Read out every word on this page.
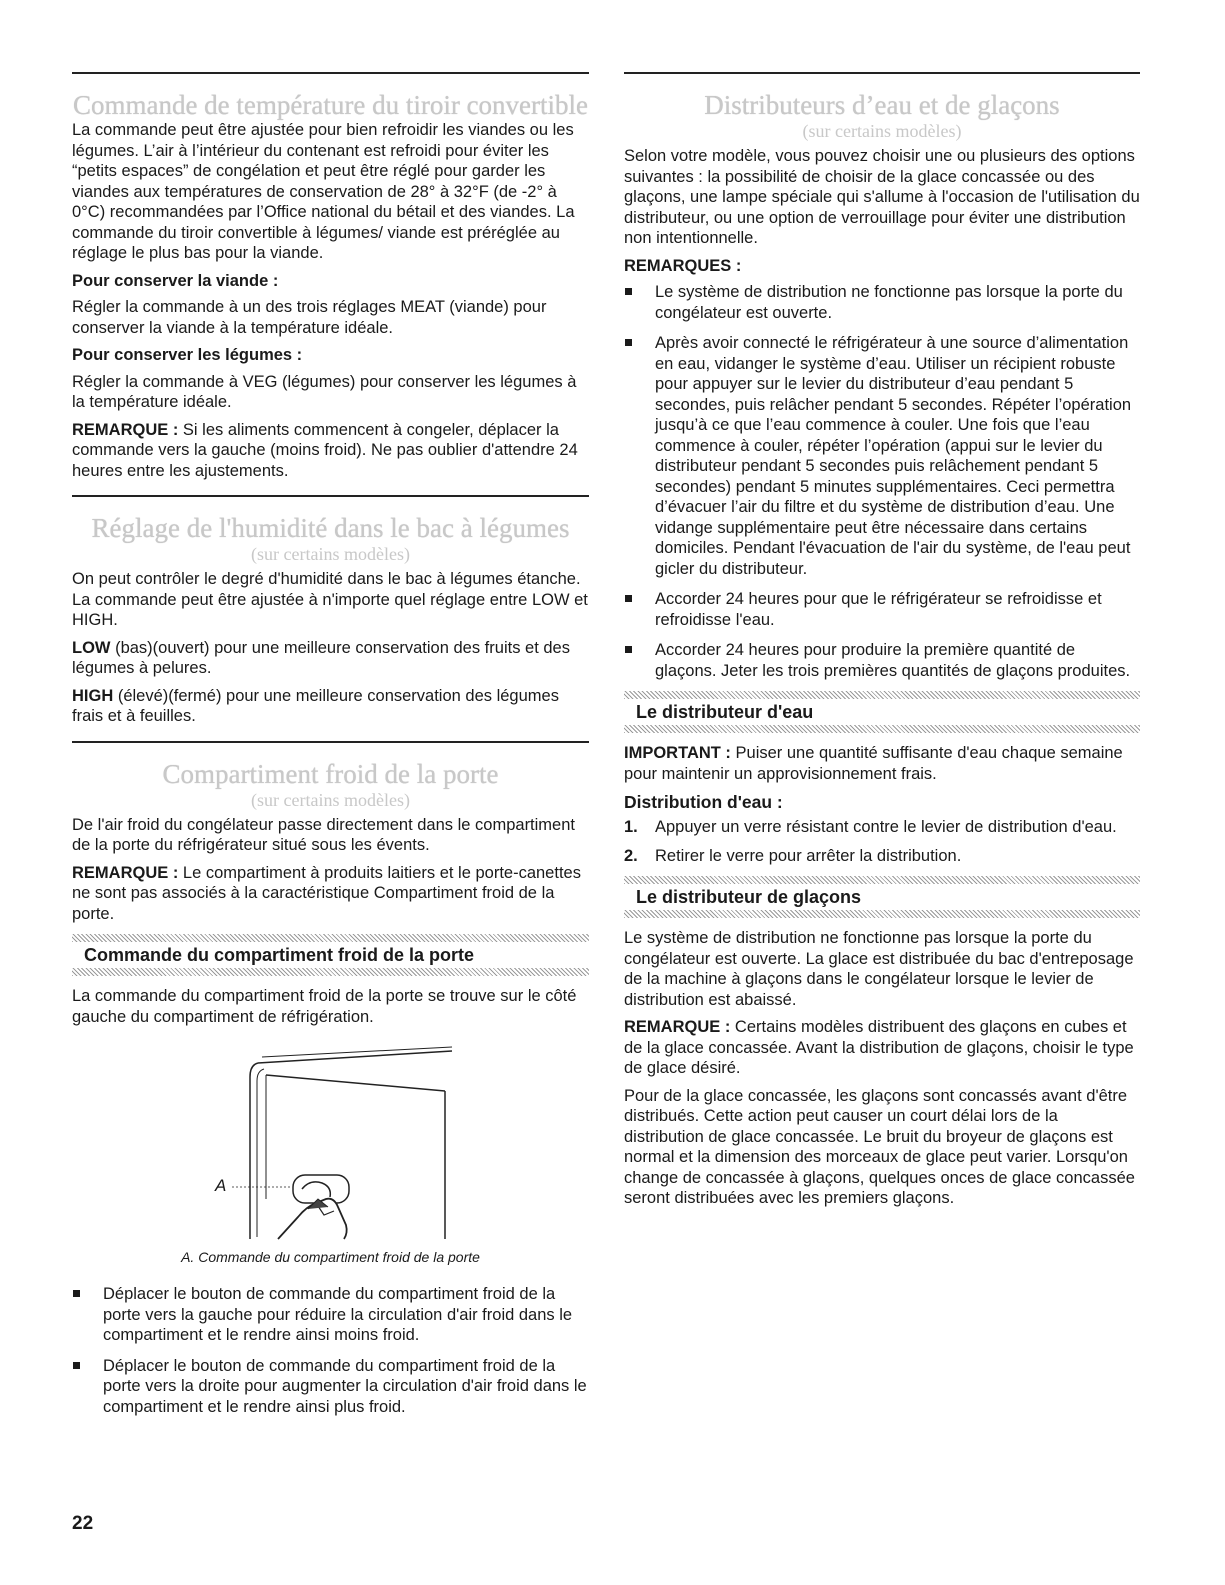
Commande de température du tiroir convertible

La commande peut être ajustée pour bien refroidir les viandes ou les légumes. L’air à l’intérieur du contenant est refroidi pour éviter les “petits espaces” de congélation et peut être réglé pour garder les viandes aux températures de conservation de 28° à 32°F (de -2° à 0°C) recommandées par l’Office national du bétail et des viandes. La commande du tiroir convertible à légumes/ viande est préréglée au réglage le plus bas pour la viande.

Pour conserver la viande :

Régler la commande à un des trois réglages MEAT (viande) pour conserver la viande à la température idéale.

Pour conserver les légumes :

Régler la commande à VEG (légumes) pour conserver les légumes à la température idéale.

REMARQUE : Si les aliments commencent à congeler, déplacer la commande vers la gauche (moins froid). Ne pas oublier d'attendre 24 heures entre les ajustements.

Réglage de l'humidité dans le bac à légumes
(sur certains modèles)

On peut contrôler le degré d'humidité dans le bac à légumes étanche. La commande peut être ajustée à n'importe quel réglage entre LOW et HIGH.

LOW (bas)(ouvert) pour une meilleure conservation des fruits et des légumes à pelures.

HIGH (élevé)(fermé) pour une meilleure conservation des légumes frais et à feuilles.

Compartiment froid de la porte
(sur certains modèles)

De l'air froid du congélateur passe directement dans le compartiment de la porte du réfrigérateur situé sous les évents.

REMARQUE : Le compartiment à produits laitiers et le porte-canettes ne sont pas associés à la caractéristique Compartiment froid de la porte.

Commande du compartiment froid de la porte

La commande du compartiment froid de la porte se trouve sur le côté gauche du compartiment de réfrigération.

A
A. Commande du compartiment froid de la porte
Déplacer le bouton de commande du compartiment froid de la porte vers la gauche pour réduire la circulation d'air froid dans le compartiment et le rendre ainsi moins froid.
Déplacer le bouton de commande du compartiment froid de la porte vers la droite pour augmenter la circulation d'air froid dans le compartiment et le rendre ainsi plus froid.
Distributeurs d’eau et de glaçons
(sur certains modèles)

Selon votre modèle, vous pouvez choisir une ou plusieurs des options suivantes : la possibilité de choisir de la glace concassée ou des glaçons, une lampe spéciale qui s'allume à l'occasion de l'utilisation du distributeur, ou une option de verrouillage pour éviter une distribution non intentionnelle.

REMARQUES :
Le système de distribution ne fonctionne pas lorsque la porte du congélateur est ouverte.
Après avoir connecté le réfrigérateur à une source d’alimentation en eau, vidanger le système d’eau. Utiliser un récipient robuste pour appuyer sur le levier du distributeur d’eau pendant 5 secondes, puis relâcher pendant 5 secondes. Répéter l’opération jusqu’à ce que l’eau commence à couler. Une fois que l’eau commence à couler, répéter l’opération (appui sur le levier du distributeur pendant 5 secondes puis relâchement pendant 5 secondes) pendant 5 minutes supplémentaires. Ceci permettra d’évacuer l’air du filtre et du système de distribution d’eau. Une vidange supplémentaire peut être nécessaire dans certains domiciles. Pendant l'évacuation de l'air du système, de l'eau peut gicler du distributeur.
Accorder 24 heures pour que le réfrigérateur se refroidisse et refroidisse l'eau.
Accorder 24 heures pour produire la première quantité de glaçons. Jeter les trois premières quantités de glaçons produites.
Le distributeur d'eau

IMPORTANT : Puiser une quantité suffisante d'eau chaque semaine pour maintenir un approvisionnement frais.

Distribution d'eau :
1. Appuyer un verre résistant contre le levier de distribution d'eau.
2. Retirer le verre pour arrêter la distribution.
Le distributeur de glaçons

Le système de distribution ne fonctionne pas lorsque la porte du congélateur est ouverte. La glace est distribuée du bac d'entreposage de la machine à glaçons dans le congélateur lorsque le levier de distribution est abaissé.

REMARQUE : Certains modèles distribuent des glaçons en cubes et de la glace concassée. Avant la distribution de glaçons, choisir le type de glace désiré.

Pour de la glace concassée, les glaçons sont concassés avant d'être distribués. Cette action peut causer un court délai lors de la distribution de glace concassée. Le bruit du broyeur de glaçons est normal et la dimension des morceaux de glace peut varier. Lorsqu'on change de concassée à glaçons, quelques onces de glace concassée seront distribuées avec les premiers glaçons.

22
